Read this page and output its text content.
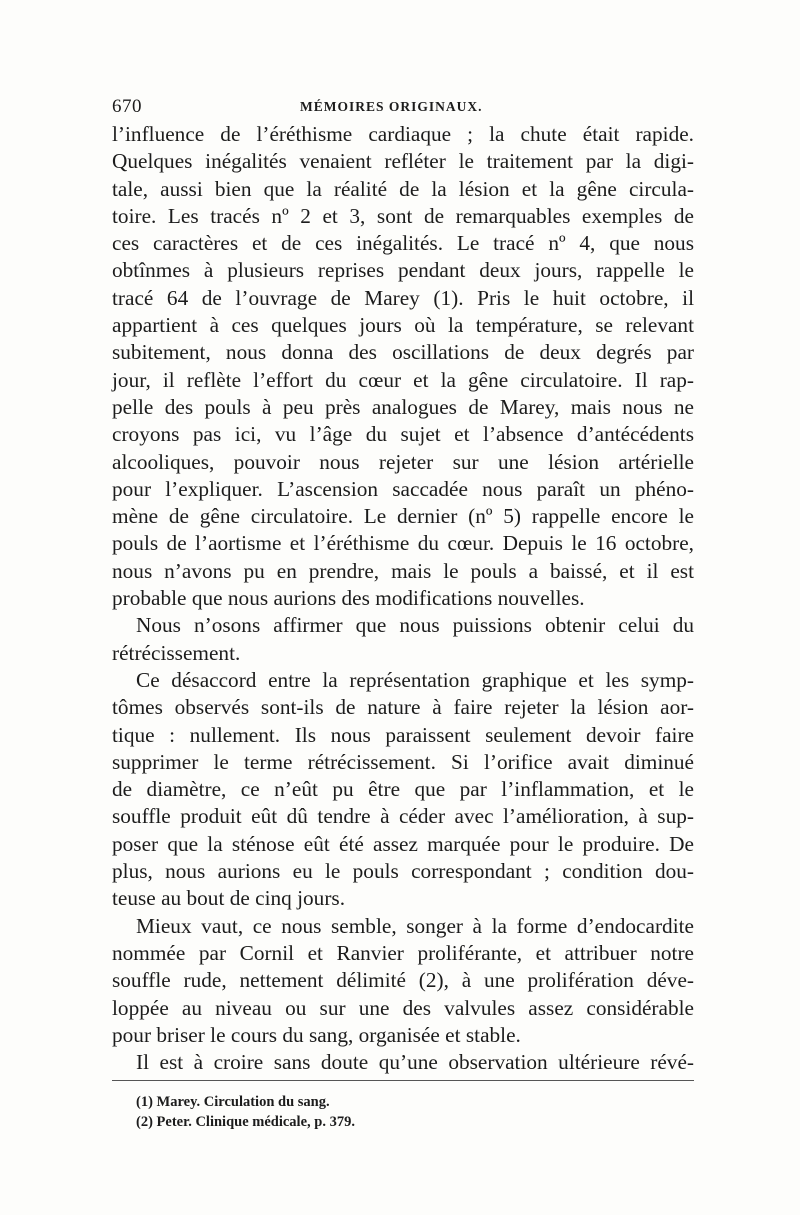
670	MÉMOIRES ORIGINAUX.
l’influence de l’éréthisme cardiaque ; la chute était rapide.
Quelques inégalités venaient refléter le traitement par la digi-
tale, aussi bien que la réalité de la lésion et la gêne circula-
toire. Les tracés nº 2 et 3, sont de remarquables exemples de
ces caractères et de ces inégalités. Le tracé nº 4, que nous
obtînmes à plusieurs reprises pendant deux jours, rappelle le
tracé 64 de l’ouvrage de Marey (1). Pris le huit octobre, il
appartient à ces quelques jours où la température, se relevant
subitement, nous donna des oscillations de deux degrés par
jour, il reflète l’effort du cœur et la gêne circulatoire. Il rap-
pelle des pouls à peu près analogues de Marey, mais nous ne
croyons pas ici, vu l’âge du sujet et l’absence d’antécédents
alcooliques, pouvoir nous rejeter sur une lésion artérielle
pour l’expliquer. L’ascension saccadée nous paraît un phéno-
mène de gêne circulatoire. Le dernier (nº 5) rappelle encore le
pouls de l’aortisme et l’éréthisme du cœur. Depuis le 16 octobre,
nous n’avons pu en prendre, mais le pouls a baissé, et il est
probable que nous aurions des modifications nouvelles.
Nous n’osons affirmer que nous puissions obtenir celui du
rétrécissement.
Ce désaccord entre la représentation graphique et les symp-
tômes observés sont-ils de nature à faire rejeter la lésion aor-
tique : nullement. Ils nous paraissent seulement devoir faire
supprimer le terme rétrécissement. Si l’orifice avait diminué
de diamètre, ce n’eût pu être que par l’inflammation, et le
souffle produit eût dû tendre à céder avec l’amélioration, à sup-
poser que la sténose eût été assez marquée pour le produire. De
plus, nous aurions eu le pouls correspondant ; condition dou-
teuse au bout de cinq jours.
Mieux vaut, ce nous semble, songer à la forme d’endocardite
nommée par Cornil et Ranvier proliférante, et attribuer notre
souffle rude, nettement délimité (2), à une prolifération déve-
loppée au niveau ou sur une des valvules assez considérable
pour briser le cours du sang, organisée et stable.
Il est à croire sans doute qu’une observation ultérieure révé-
(1) Marey. Circulation du sang.
(2) Peter. Clinique médicale, p. 379.
